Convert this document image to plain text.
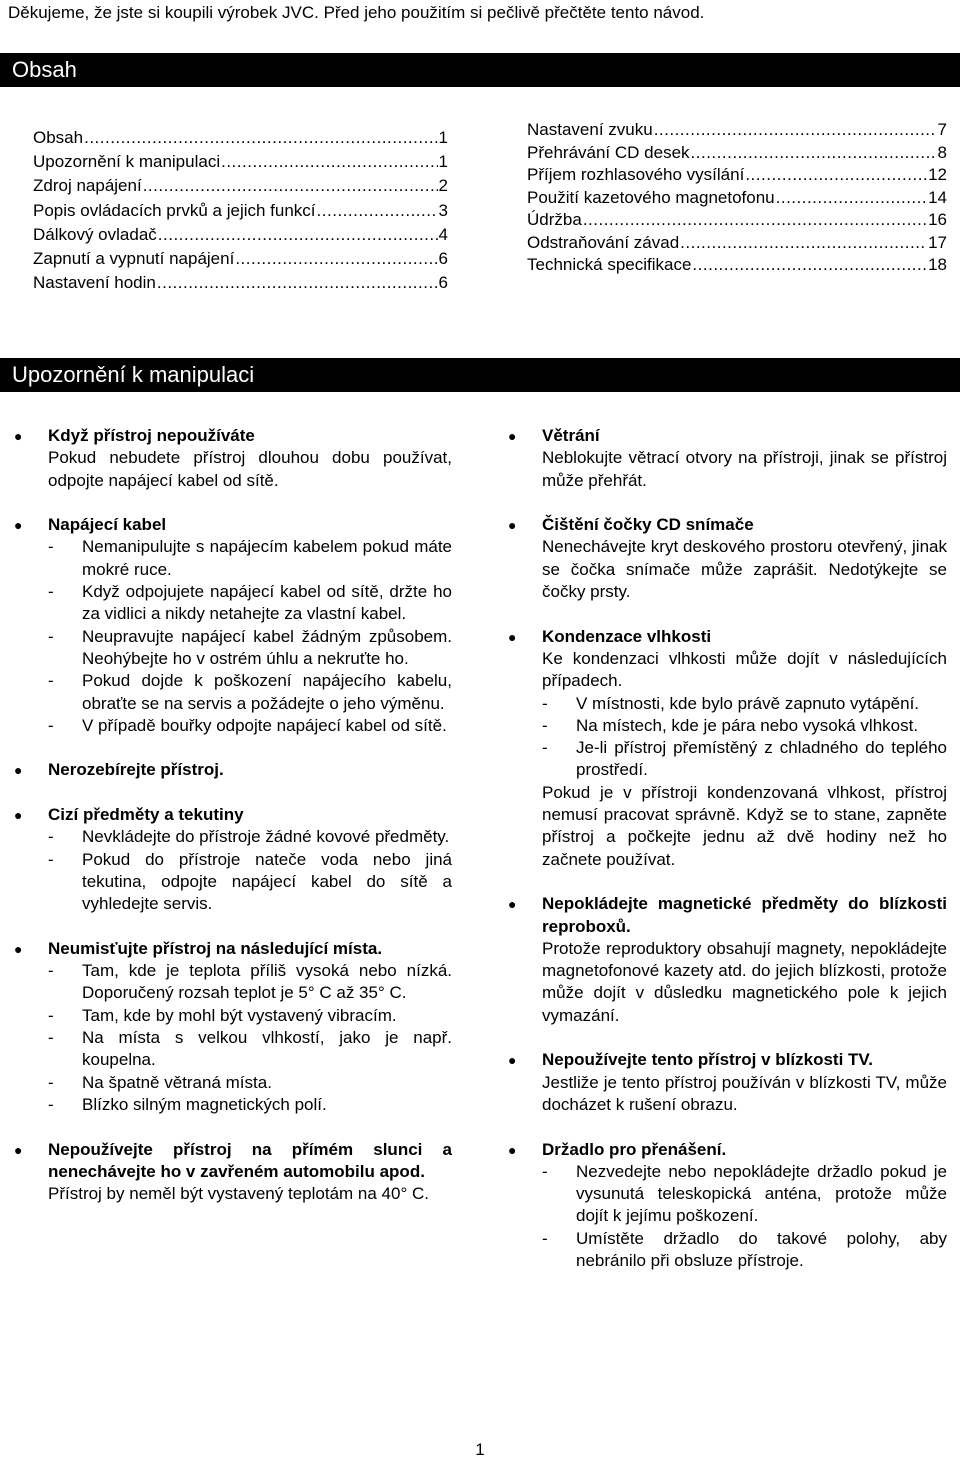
Děkujeme, že jste si koupili výrobek JVC. Před jeho použitím si pečlivě přečtěte tento návod.
Obsah
Obsah .....	1
Upozornění k manipulaci .....	1
Zdroj napájení .....	2
Popis ovládacích prvků a jejich funkcí .....	3
Dálkový ovladač .....	4
Zapnutí a vypnutí napájení .....	6
Nastavení hodin .....	6
Nastavení zvuku .....	7
Přehrávání CD desek .....	8
Příjem rozhlasového vysílání .....	12
Použití kazetového magnetofonu .....	14
Údržba .....	16
Odstraňování závad .....	17
Technická specifikace .....	18
Upozornění k manipulaci
● Když přístroj nepoužíváte
Pokud nebudete přístroj dlouhou dobu používat, odpojte napájecí kabel od sítě.
● Napájecí kabel
- Nemanipulujte s napájecím kabelem pokud máte mokré ruce.
- Když odpojujete napájecí kabel od sítě, držte ho za vidlici a nikdy netahejte za vlastní kabel.
- Neupravujte napájecí kabel žádným způsobem. Neohýbejte ho v ostrém úhlu a nekruťte ho.
- Pokud dojde k poškození napájecího kabelu, obraťte se na servis a požádejte o jeho výměnu.
- V případě bouřky odpojte napájecí kabel od sítě.
● Nerozebírejte přístroj.
● Cizí předměty a tekutiny
- Nevkládejte do přístroje žádné kovové předměty.
- Pokud do přístroje nateče voda nebo jiná tekutina, odpojte napájecí kabel do sítě a vyhledejte servis.
● Neumisťujte přístroj na následující místa.
- Tam, kde je teplota příliš vysoká nebo nízká. Doporučený rozsah teplot je 5° C až 35° C.
- Tam, kde by mohl být vystavený vibracím.
- Na místa s velkou vlhkostí, jako je např. koupelna.
- Na špatně větraná místa.
- Blízko silným magnetických polí.
● Nepoužívejte přístroj na přímém slunci a nenechávejte ho v zavřeném automobilu apod.
Přístroj by neměl být vystavený teplotám na 40° C.
● Větrání
Neblokujte větrací otvory na přístroji, jinak se přístroj může přehřát.
● Čištění čočky CD snímače
Nenechávejte kryt deskového prostoru otevřený, jinak se čočka snímače může zaprášit. Nedotýkejte se čočky prsty.
● Kondenzace vlhkosti
Ke kondenzaci vlhkosti může dojít v následujících případech.
- V místnosti, kde bylo právě zapnuto vytápění.
- Na místech, kde je pára nebo vysoká vlhkost.
- Je-li přístroj přemístěný z chladného do teplého prostředí.
Pokud je v přístroji kondenzovaná vlhkost, přístroj nemusí pracovat správně. Když se to stane, zapněte přístroj a počkejte jednu až dvě hodiny než ho začnete používat.
● Nepokládejte magnetické předměty do blízkosti reproboxů.
Protože reproduktory obsahují magnety, nepokládejte magnetofonové kazety atd. do jejich blízkosti, protože může dojít v důsledku magnetického pole k jejich vymazání.
● Nepoužívejte tento přístroj v blízkosti TV.
Jestliže je tento přístroj používán v blízkosti TV, může docházet k rušení obrazu.
● Držadlo pro přenášení.
- Nezvedejte nebo nepokládejte držadlo pokud je vysunutá teleskopická anténa, protože může dojít k jejímu poškození.
- Umístěte držadlo do takové polohy, aby nebránilo při obsluze přístroje.
1
